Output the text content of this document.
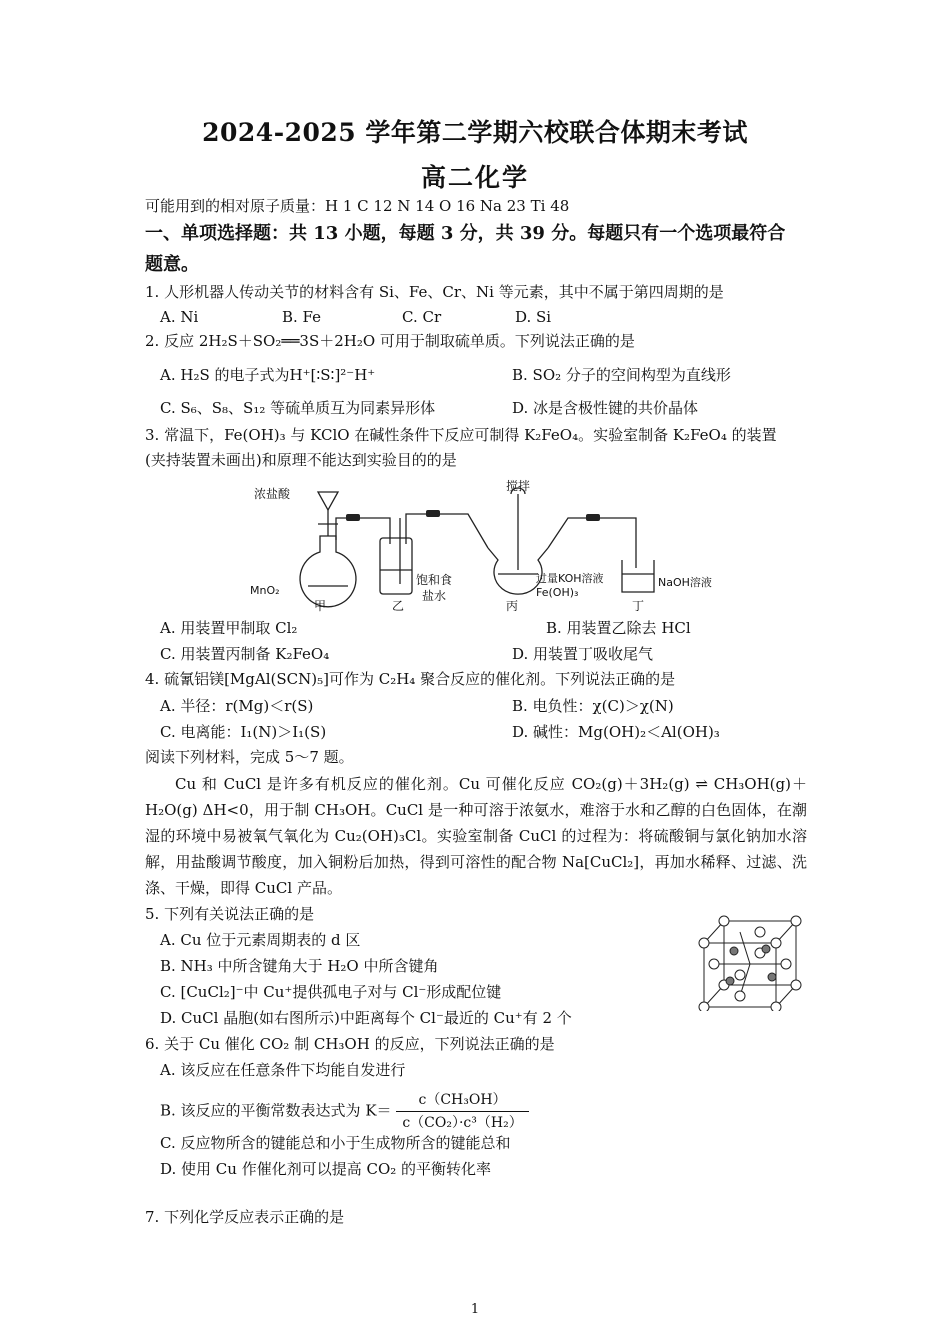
2024-2025 学年第二学期六校联合体期末考试
高二化学
可能用到的相对原子质量：H 1 C 12 N 14 O 16 Na 23 Ti 48
一、单项选择题：共 13 小题，每题 3 分，共 39 分。每题只有一个选项最符合
题意。
1. 人形机器人传动关节的材料含有 Si、Fe、Cr、Ni 等元素，其中不属于第四周期的是
A. Ni	B. Fe	C. Cr	D. Si
2. 反应 2H₂S＋SO₂══3S＋2H₂O 可用于制取硫单质。下列说法正确的是
A. H₂S 的电子式为H⁺[∶S∶]²⁻H⁺	B. SO₂ 分子的空间构型为直线形
C. S₆、S₈、S₁₂ 等硫单质互为同素异形体	D. 冰是含极性键的共价晶体
3. 常温下，Fe(OH)₃ 与 KClO 在碱性条件下反应可制得 K₂FeO₄。实验室制备 K₂FeO₄ 的装置
(夹持装置未画出)和原理不能达到实验目的的是
浓盐酸
搅拌
MnO₂
饱和食
盐水
过量KOH溶液
Fe(OH)₃
NaOH溶液
甲	乙	丙	丁
A. 用装置甲制取 Cl₂	B. 用装置乙除去 HCl
C. 用装置丙制备 K₂FeO₄	D. 用装置丁吸收尾气
4. 硫氰铝镁[MgAl(SCN)₅]可作为 C₂H₄ 聚合反应的催化剂。下列说法正确的是
A. 半径：r(Mg)＜r(S)	B. 电负性：χ(C)＞χ(N)
C. 电离能：I₁(N)＞I₁(S)	D. 碱性：Mg(OH)₂＜Al(OH)₃
阅读下列材料，完成 5～7 题。
Cu 和 CuCl 是许多有机反应的催化剂。Cu 可催化反应 CO₂(g)＋3H₂(g) ⇌ CH₃OH(g)＋H₂O(g) ΔH<0，用于制 CH₃OH。CuCl 是一种可溶于浓氨水，难溶于水和乙醇的白色固体，在潮湿的环境中易被氧气氧化为 Cu₂(OH)₃Cl。实验室制备 CuCl 的过程为：将硫酸铜与氯化钠加水溶解，用盐酸调节酸度，加入铜粉后加热，得到可溶性的配合物 Na[CuCl₂]，再加水稀释、过滤、洗涤、干燥，即得 CuCl 产品。
5. 下列有关说法正确的是
A. Cu 位于元素周期表的 d 区
B. NH₃ 中所含键角大于 H₂O 中所含键角
C. [CuCl₂]⁻中 Cu⁺提供孤电子对与 Cl⁻形成配位键
D. CuCl 晶胞(如右图所示)中距离每个 Cl⁻最近的 Cu⁺有 2 个
6. 关于 Cu 催化 CO₂ 制 CH₃OH 的反应，下列说法正确的是
A. 该反应在任意条件下均能自发进行
B. 该反应的平衡常数表达式为 $K= \frac{\text{c（CH₃OH）}}{\text{c（CO₂）·c³（H₂）}}$
C. 反应物所含的键能总和小于生成物所含的键能总和
D. 使用 Cu 作催化剂可以提高 CO₂ 的平衡转化率
7. 下列化学反应表示正确的是
1
